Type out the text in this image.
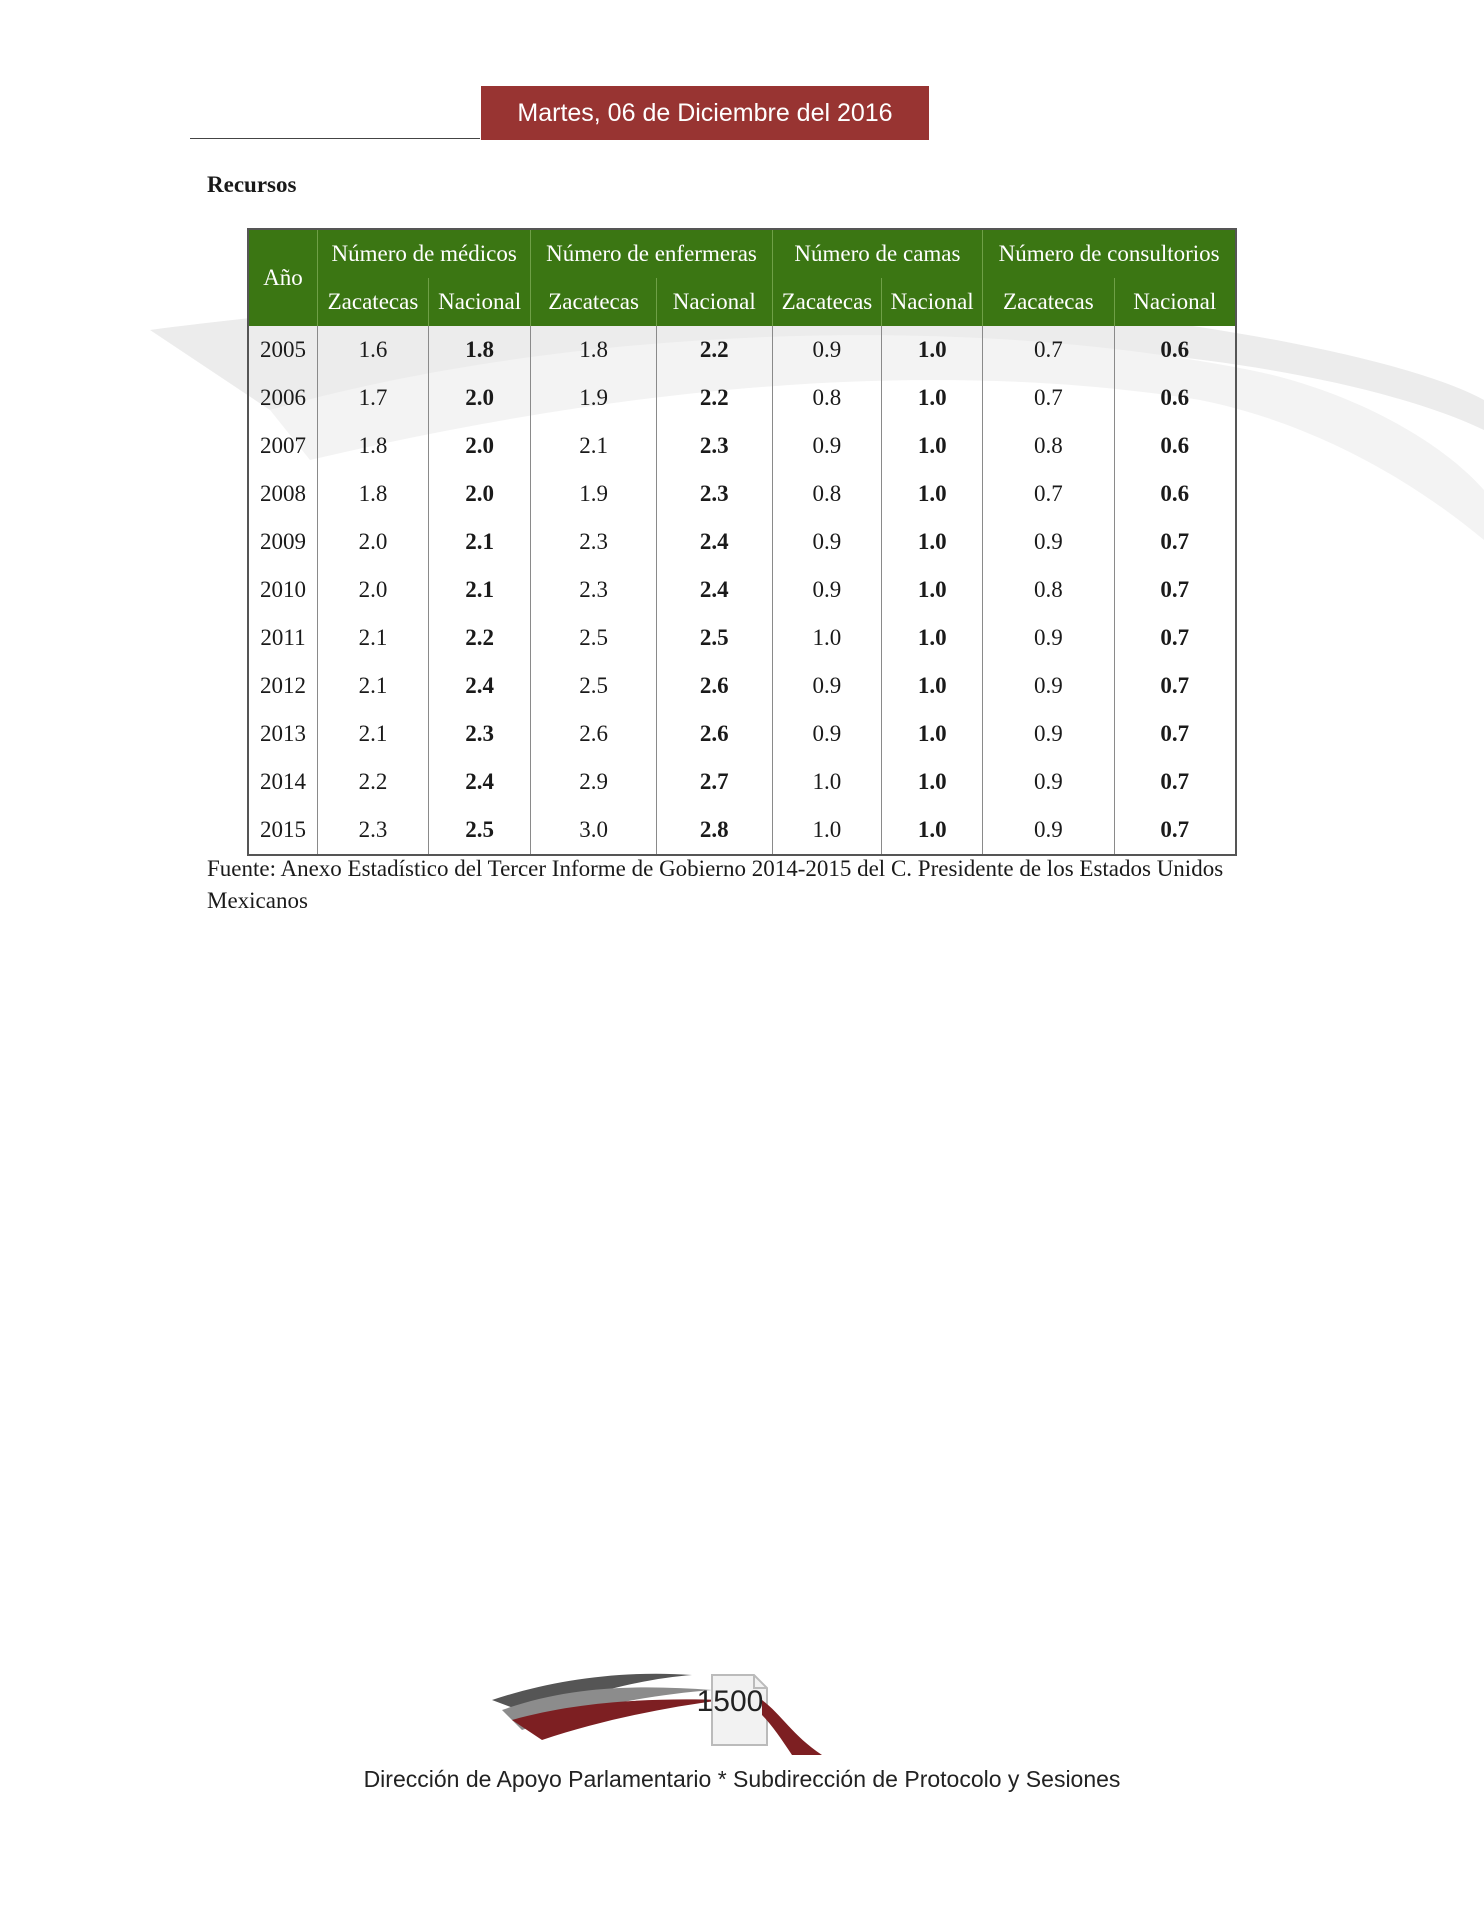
Martes, 06 de Diciembre del 2016
Recursos
Año	Número de médicos		Número de enfermeras		Número de camas		Número de consultorios	
	Zacatecas	Nacional	Zacatecas	Nacional	Zacatecas	Nacional	Zacatecas	Nacional
2005	1.6	1.8	1.8	2.2	0.9	1.0	0.7	0.6
2006	1.7	2.0	1.9	2.2	0.8	1.0	0.7	0.6
2007	1.8	2.0	2.1	2.3	0.9	1.0	0.8	0.6
2008	1.8	2.0	1.9	2.3	0.8	1.0	0.7	0.6
2009	2.0	2.1	2.3	2.4	0.9	1.0	0.9	0.7
2010	2.0	2.1	2.3	2.4	0.9	1.0	0.8	0.7
2011	2.1	2.2	2.5	2.5	1.0	1.0	0.9	0.7
2012	2.1	2.4	2.5	2.6	0.9	1.0	0.9	0.7
2013	2.1	2.3	2.6	2.6	0.9	1.0	0.9	0.7
2014	2.2	2.4	2.9	2.7	1.0	1.0	0.9	0.7
2015	2.3	2.5	3.0	2.8	1.0	1.0	0.9	0.7
Fuente: Anexo Estadístico del Tercer Informe de Gobierno 2014-2015 del C. Presidente de los Estados Unidos Mexicanos
1500
Dirección de Apoyo Parlamentario * Subdirección de Protocolo y Sesiones
